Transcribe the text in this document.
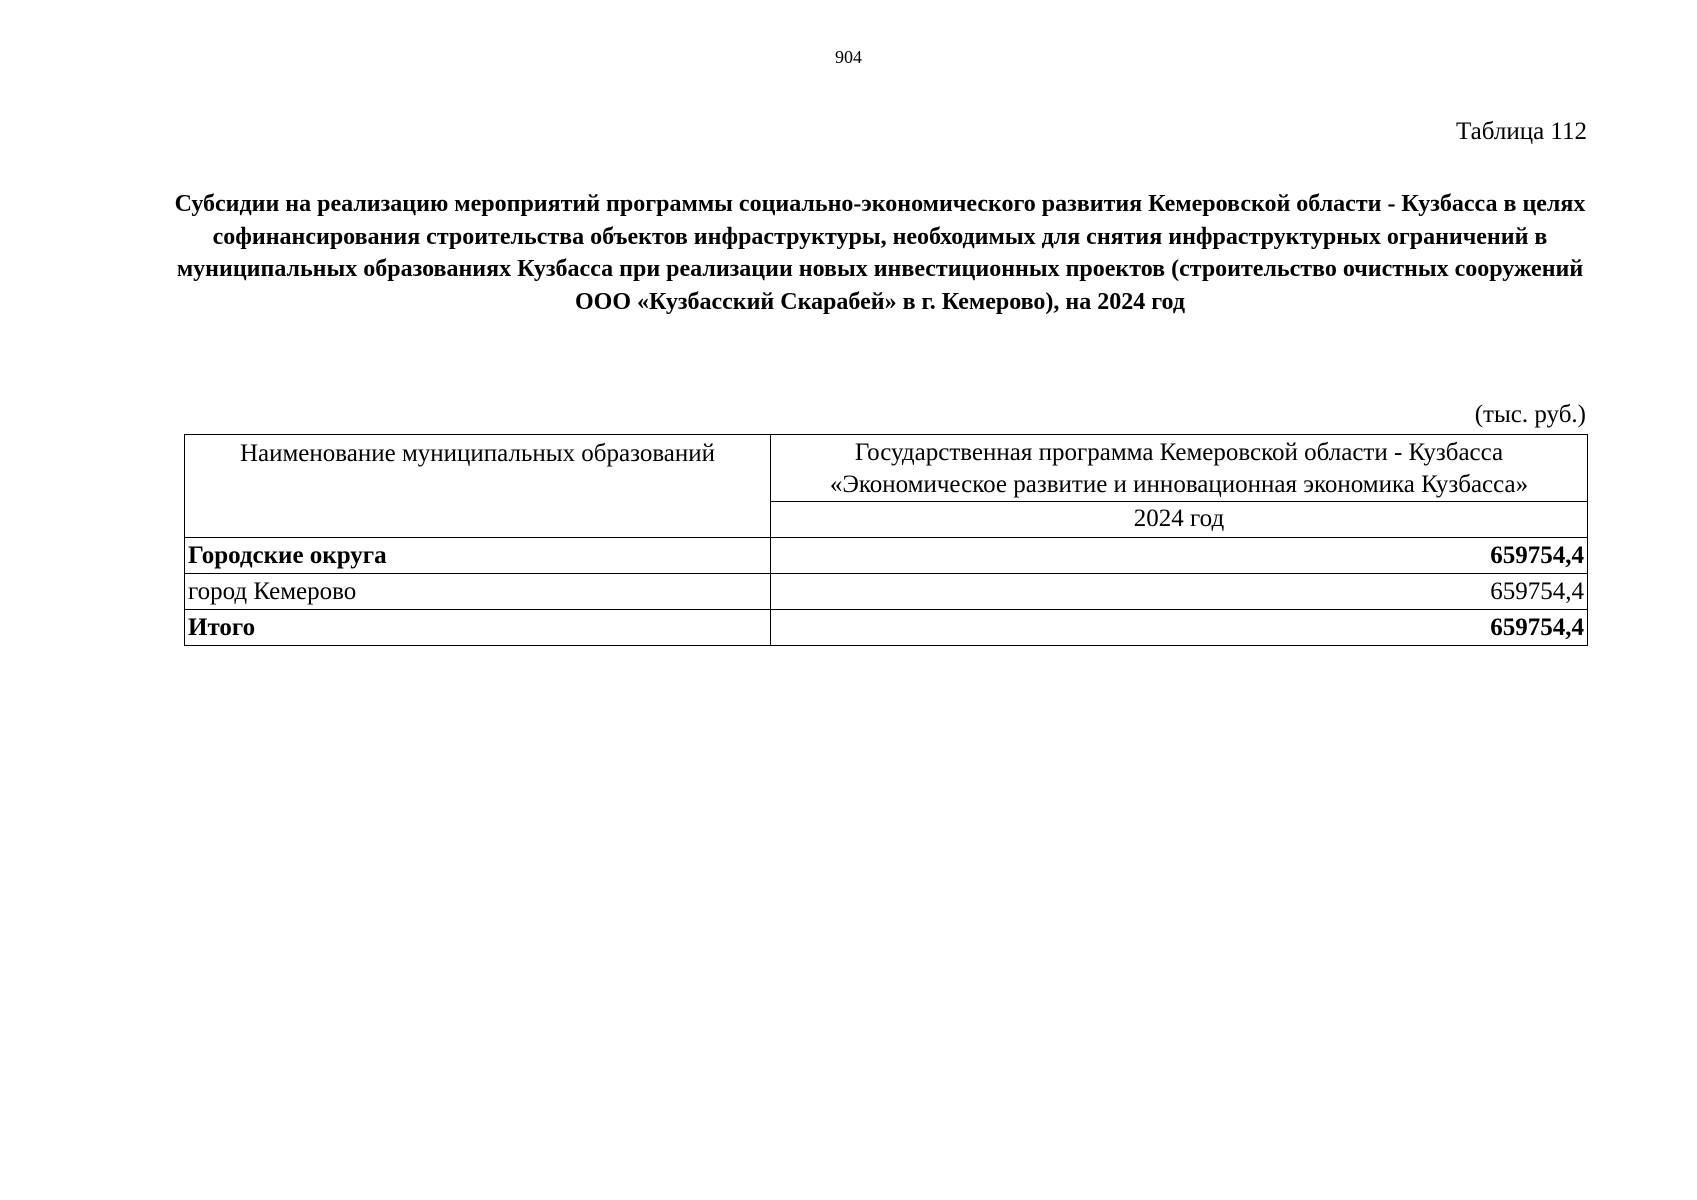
904
Таблица 112
Субсидии на реализацию мероприятий программы социально-экономического развития Кемеровской области - Кузбасса в целях софинансирования строительства объектов инфраструктуры, необходимых для снятия инфраструктурных ограничений в муниципальных образованиях Кузбасса при реализации новых инвестиционных проектов (строительство очистных сооружений ООО «Кузбасский Скарабей» в г. Кемерово), на 2024 год
(тыс. руб.)
Наименование муниципальных образований	Государственная программа Кемеровской области - Кузбасса «Экономическое развитие и инновационная экономика Кузбасса»
	2024 год
Городские округа	659754,4
город Кемерово	659754,4
Итого	659754,4
